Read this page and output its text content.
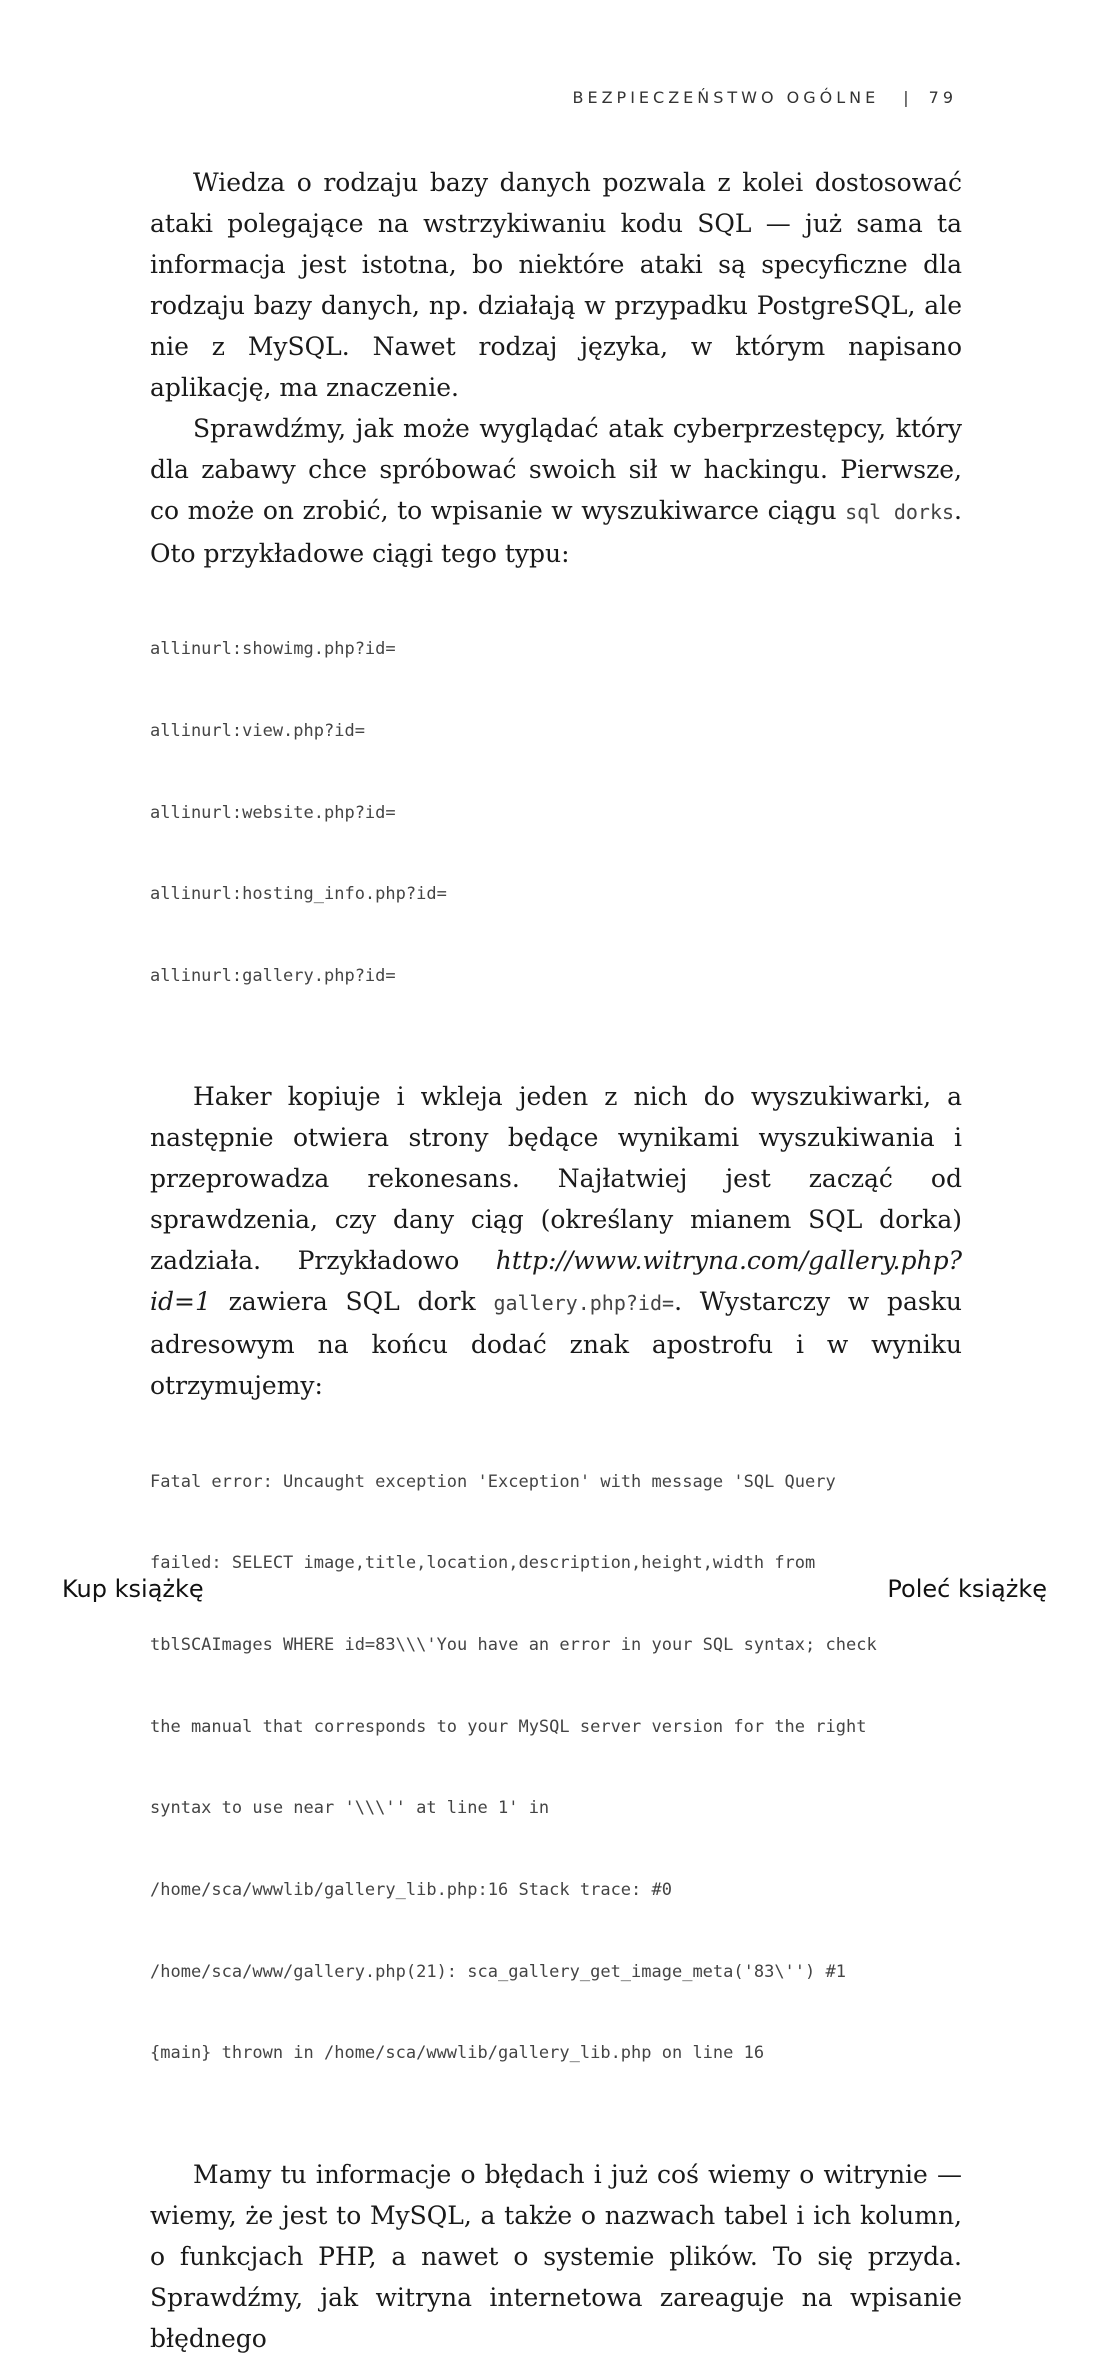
BEZPIECZEŃSTWO OGÓLNE | 79

Wiedza o rodzaju bazy danych pozwala z kolei dostosować ataki polegające na wstrzykiwaniu kodu SQL — już sama ta informacja jest istotna, bo niektóre ataki są specyficzne dla rodzaju bazy danych, np. działają w przypadku PostgreSQL, ale nie z MySQL. Nawet rodzaj języka, w którym napisano aplikację, ma znaczenie.

Sprawdźmy, jak może wyglądać atak cyberprzestępcy, który dla zabawy chce spróbować swoich sił w hackingu. Pierwsze, co może on zrobić, to wpisanie w wyszukiwarce ciągu sql dorks. Oto przykładowe ciągi tego typu:

allinurl:showimg.php?id=

allinurl:view.php?id=

allinurl:website.php?id=

allinurl:hosting_info.php?id=

allinurl:gallery.php?id=

Haker kopiuje i wkleja jeden z nich do wyszukiwarki, a następnie otwiera strony będące wynikami wyszukiwania i przeprowadza rekonesans. Najłatwiej jest zacząć od sprawdzenia, czy dany ciąg (określany mianem SQL dorka) zadziała. Przykładowo http://www.witryna.com/gallery.php?id=1 zawiera SQL dork gallery.php?id=. Wystarczy w pasku adresowym na końcu dodać znak apostrofu i w wyniku otrzymujemy:

Fatal error: Uncaught exception 'Exception' with message 'SQL Query

failed: SELECT image,title,location,description,height,width from

tblSCAImages WHERE id=83\\\'You have an error in your SQL syntax; check

the manual that corresponds to your MySQL server version for the right

syntax to use near '\\\'' at line 1' in

/home/sca/wwwlib/gallery_lib.php:16 Stack trace: #0

/home/sca/www/gallery.php(21): sca_gallery_get_image_meta('83\'') #1

{main} thrown in /home/sca/wwwlib/gallery_lib.php on line 16

Mamy tu informacje o błędach i już coś wiemy o witrynie — wiemy, że jest to MySQL, a także o nazwach tabel i ich kolumn, o funkcjach PHP, a nawet o systemie plików. To się przyda. Sprawdźmy, jak witryna internetowa zareaguje na wpisanie błędnego

Kup książkę	Poleć książkę
